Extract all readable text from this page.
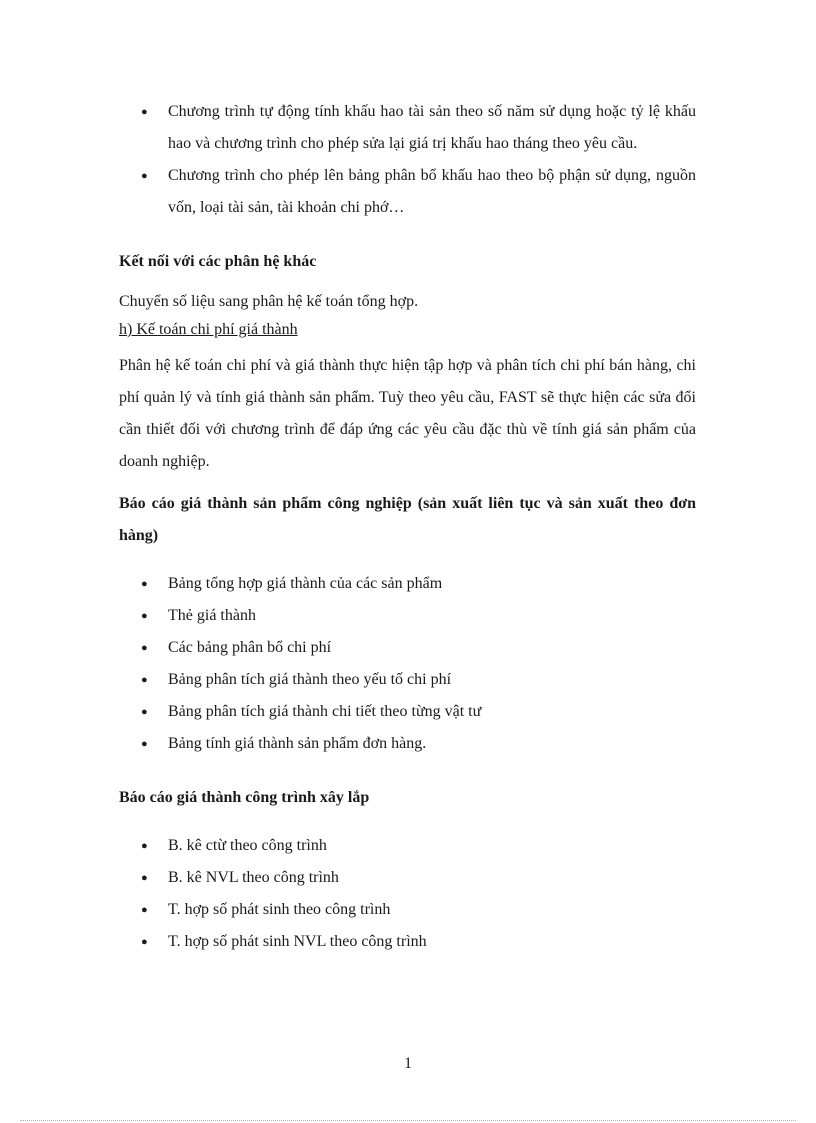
● Chương trình tự động tính khấu hao tài sản theo số năm sử dụng hoặc tỷ lệ khấu hao và chương trình cho phép sửa lại giá trị khấu hao tháng theo yêu cầu.
● Chương trình cho phép lên bảng phân bổ khấu hao theo bộ phận sử dụng, nguồn vốn, loại tài sản, tài khoản chi phớ…

Kết nối với các phân hệ khác

Chuyển số liệu sang phân hệ kế toán tổng hợp.

h) Kế toán chi phí giá thành

Phân hệ kế toán chi phí và giá thành thực hiện tập hợp và phân tích chi phí bán hàng, chi phí quản lý và tính giá thành sản phẩm. Tuỳ theo yêu cầu, FAST sẽ thực hiện các sửa đổi cần thiết đối với chương trình để đáp ứng các yêu cầu đặc thù về tính giá sản phẩm của doanh nghiệp.

Báo cáo giá thành sản phẩm công nghiệp (sản xuất liên tục và sản xuất theo đơn hàng)

● Bảng tổng hợp giá thành của các sản phẩm
● Thẻ giá thành
● Các bảng phân bổ chi phí
● Bảng phân tích giá thành theo yếu tố chi phí
● Bảng phân tích giá thành chi tiết theo từng vật tư
● Bảng tính giá thành sản phẩm đơn hàng.

Báo cáo giá thành công trình xây lắp

● B. kê ctừ theo công trình
● B. kê NVL theo công trình
● T. hợp số phát sinh theo công trình
● T. hợp số phát sinh NVL theo công trình
1
